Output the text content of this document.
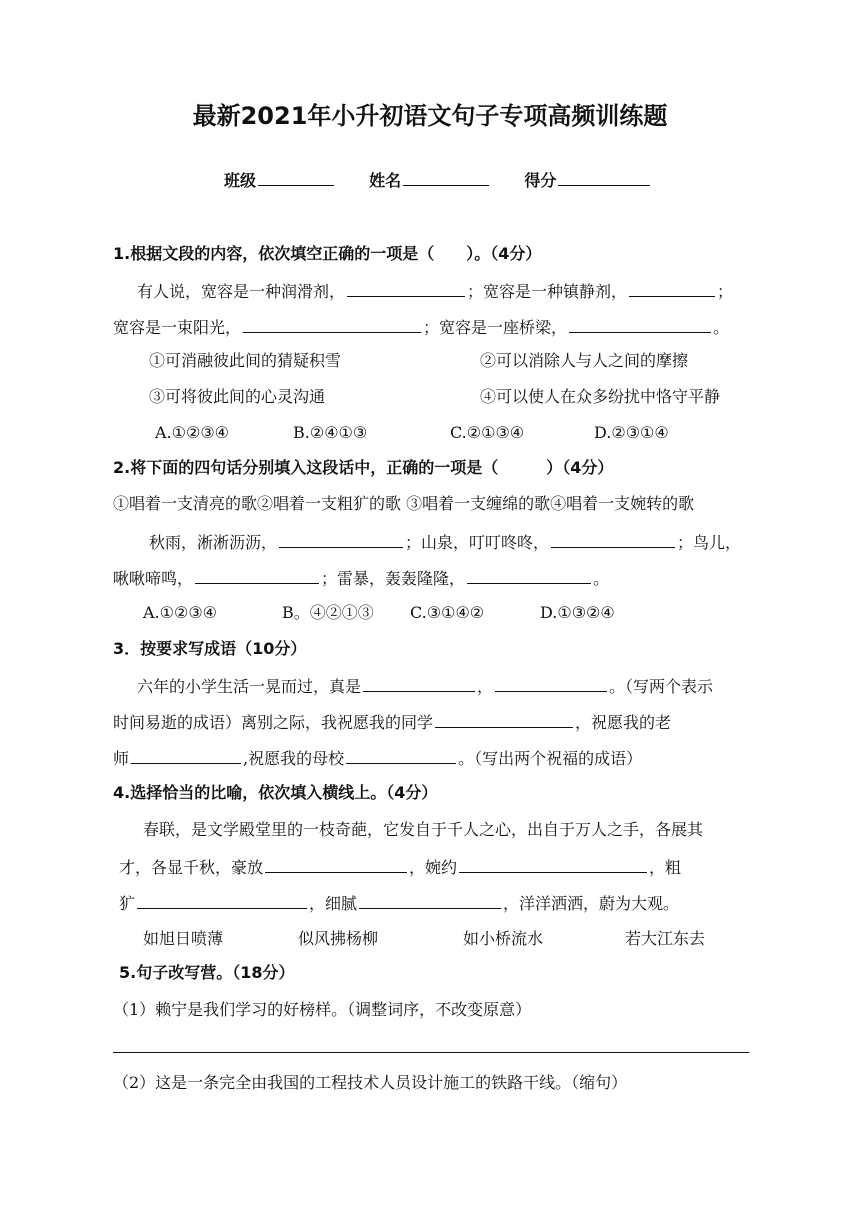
最新2021年小升初语文句子专项高频训练题
班级	姓名	得分
1.根据文段的内容，依次填空正确的一项是（　　）。（4分）
有人说，宽容是一种润滑剂，	；宽容是一种镇静剂，	；
宽容是一束阳光，	；宽容是一座桥梁，	。
①可消融彼此间的猜疑积雪	②可以消除人与人之间的摩擦
③可将彼此间的心灵沟通	④可以使人在众多纷扰中恪守平静
A.①②③④	B.②④①③	C.②①③④	D.②③①④
2.将下面的四句话分别填入这段话中，正确的一项是（　　　）（4分）
①唱着一支清亮的歌②唱着一支粗犷的歌 ③唱着一支缠绵的歌④唱着一支婉转的歌
秋雨，淅淅沥沥，	；山泉，叮叮咚咚，	；鸟儿，
啾啾啼鸣，	；雷暴，轰轰隆隆，	。
A.①②③④	B。④②①③ C.③①④②	D.①③②④
3．按要求写成语（10分）
六年的小学生活一晃而过，真是	，	。（写两个表示
时间易逝的成语）离别之际，我祝愿我的同学	，祝愿我的老
师	,祝愿我的母校	。（写出两个祝福的成语）
4.选择恰当的比喻，依次填入横线上。（4分）
春联，是文学殿堂里的一枝奇葩，它发自于千人之心，出自于万人之手，各展其
才，各显千秋，豪放	，婉约	，粗
犷	，细腻	，洋洋洒洒，蔚为大观。
如旭日喷薄	似风拂杨柳	如小桥流水	若大江东去
5.句子改写营。（18分）
（1）赖宁是我们学习的好榜样。（调整词序，不改变原意）
（2）这是一条完全由我国的工程技术人员设计施工的铁路干线。（缩句）
